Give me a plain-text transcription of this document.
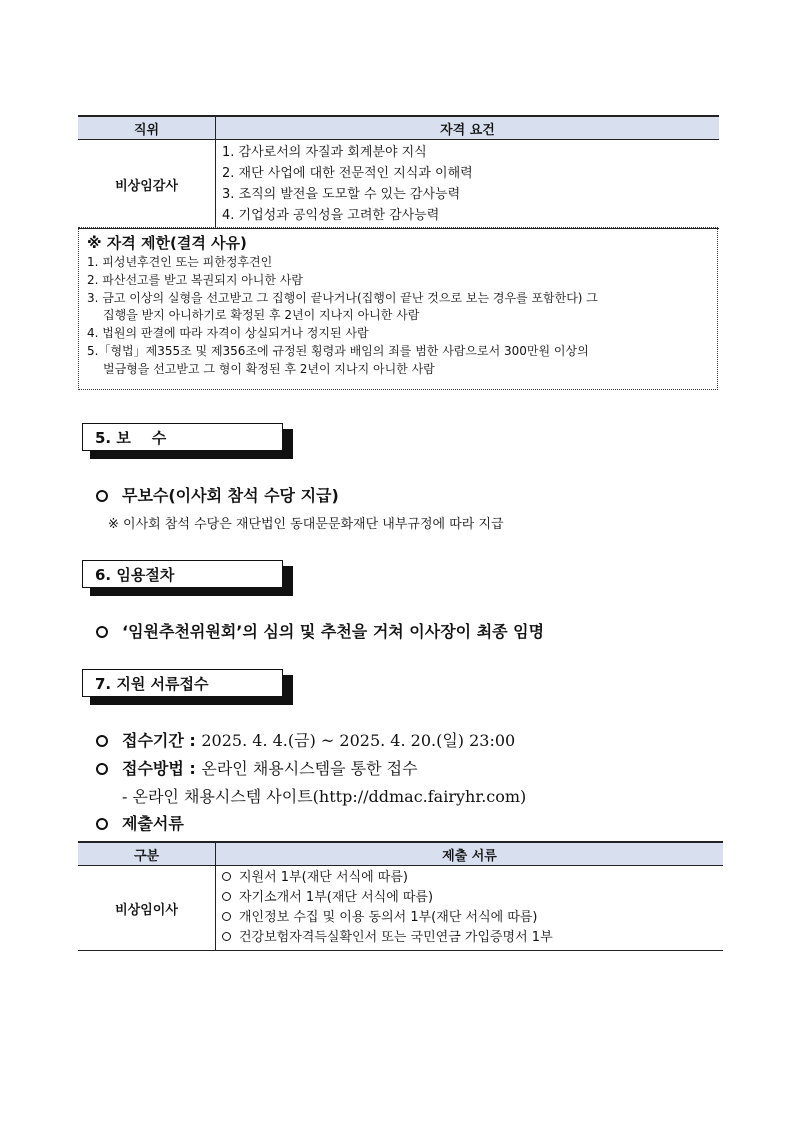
직위	자격 요건
비상임감사	1. 감사로서의 자질과 회계분야 지식
2. 재단 사업에 대한 전문적인 지식과 이해력
3. 조직의 발전을 도모할 수 있는 감사능력
4. 기업성과 공익성을 고려한 감사능력
※ 자격 제한(결격 사유)
1. 피성년후견인 또는 피한정후견인
2. 파산선고를 받고 복권되지 아니한 사람
3. 금고 이상의 실형을 선고받고 그 집행이 끝나거나(집행이 끝난 것으로 보는 경우를 포함한다) 그
집행을 받지 아니하기로 확정된 후 2년이 지나지 아니한 사람
4. 법원의 판결에 따라 자격이 상실되거나 정지된 사람
5.「형법」제355조 및 제356조에 규정된 횡령과 배임의 죄를 범한 사람으로서 300만원 이상의
벌금형을 선고받고 그 형이 확정된 후 2년이 지나지 아니한 사람
5. 보    수
무보수(이사회 참석 수당 지급)
※ 이사회 참석 수당은 재단법인 동대문문화재단 내부규정에 따라 지급
6. 임용절차
‘임원추천위원회’의 심의 및 추천을 거쳐 이사장이 최종 임명
7. 지원 서류접수
접수기간 : 2025. 4. 4.(금) ~ 2025. 4. 20.(일) 23:00
접수방법 : 온라인 채용시스템을 통한 접수
- 온라인 채용시스템 사이트(http://ddmac.fairyhr.com)
제출서류
구분	제출 서류
비상임이사	지원서 1부(재단 서식에 따름)
자기소개서 1부(재단 서식에 따름)
개인정보 수집 및 이용 동의서 1부(재단 서식에 따름)
건강보험자격득실확인서 또는 국민연금 가입증명서 1부
